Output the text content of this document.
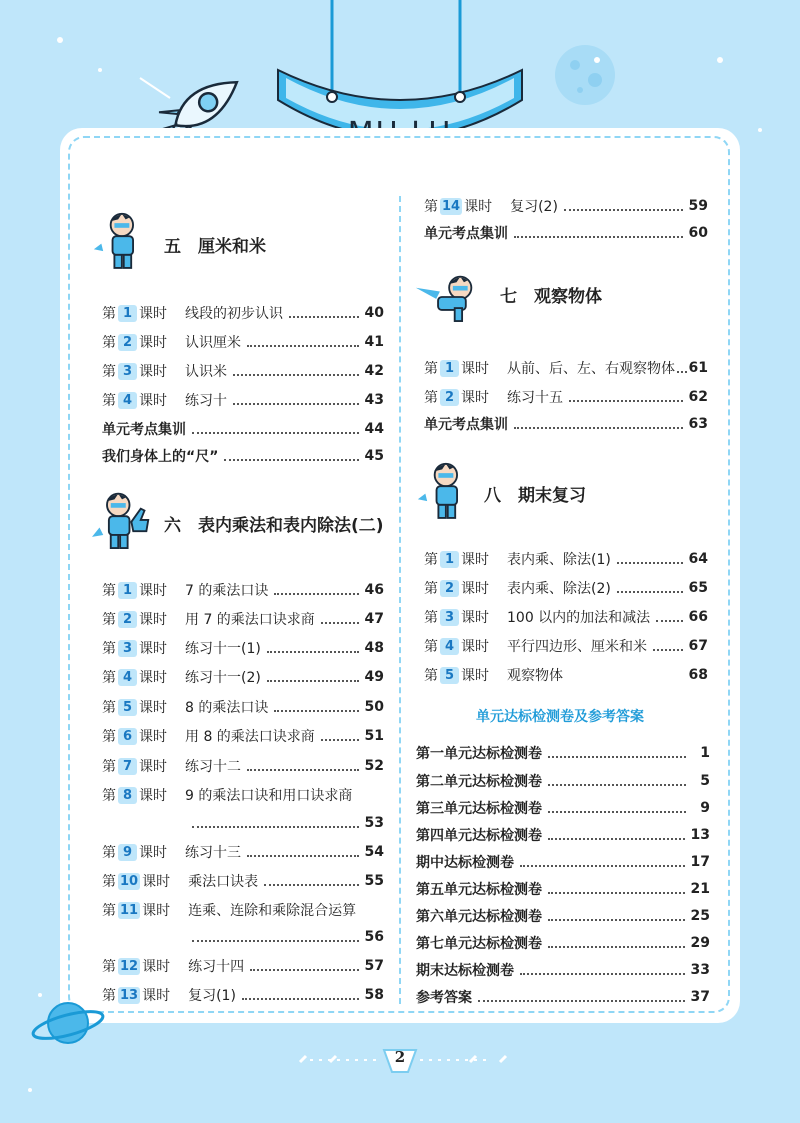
五　厘米和米
第 1 课时 线段的初步认识	40
第 2 课时 认识厘米	41
第 3 课时 认识米	42
第 4 课时 练习十	43
单元考点集训	44
我们身体上的“尺”	45
六　表内乘法和表内除法(二)
第 1 课时 7 的乘法口诀	46
第 2 课时 用 7 的乘法口诀求商	47
第 3 课时 练习十一(1)	48
第 4 课时 练习十一(2)	49
第 5 课时 8 的乘法口诀	50
第 6 课时 用 8 的乘法口诀求商	51
第 7 课时 练习十二	52
第 8 课时 9 的乘法口诀和用口诀求商
53
第 9 课时 练习十三	54
第 10 课时 乘法口诀表	55
第 11 课时 连乘、连除和乘除混合运算
56
第 12 课时 练习十四	57
第 13 课时 复习(1)	58
第 14 课时 复习(2)	59
单元考点集训	60
七　观察物体
第 1 课时 从前、后、左、右观察物体 61
第 2 课时 练习十五	62
单元考点集训	63
八　期末复习
第 1 课时 表内乘、除法(1)	64
第 2 课时 表内乘、除法(2)	65
第 3 课时 100 以内的加法和减法	66
第 4 课时 平行四边形、厘米和米	67
第 5 课时 观察物体	68
单元达标检测卷及参考答案
第一单元达标检测卷	1
第二单元达标检测卷	5
第三单元达标检测卷	9
第四单元达标检测卷	13
期中达标检测卷	17
第五单元达标检测卷	21
第六单元达标检测卷	25
第七单元达标检测卷	29
期末达标检测卷	33
参考答案	37
2
